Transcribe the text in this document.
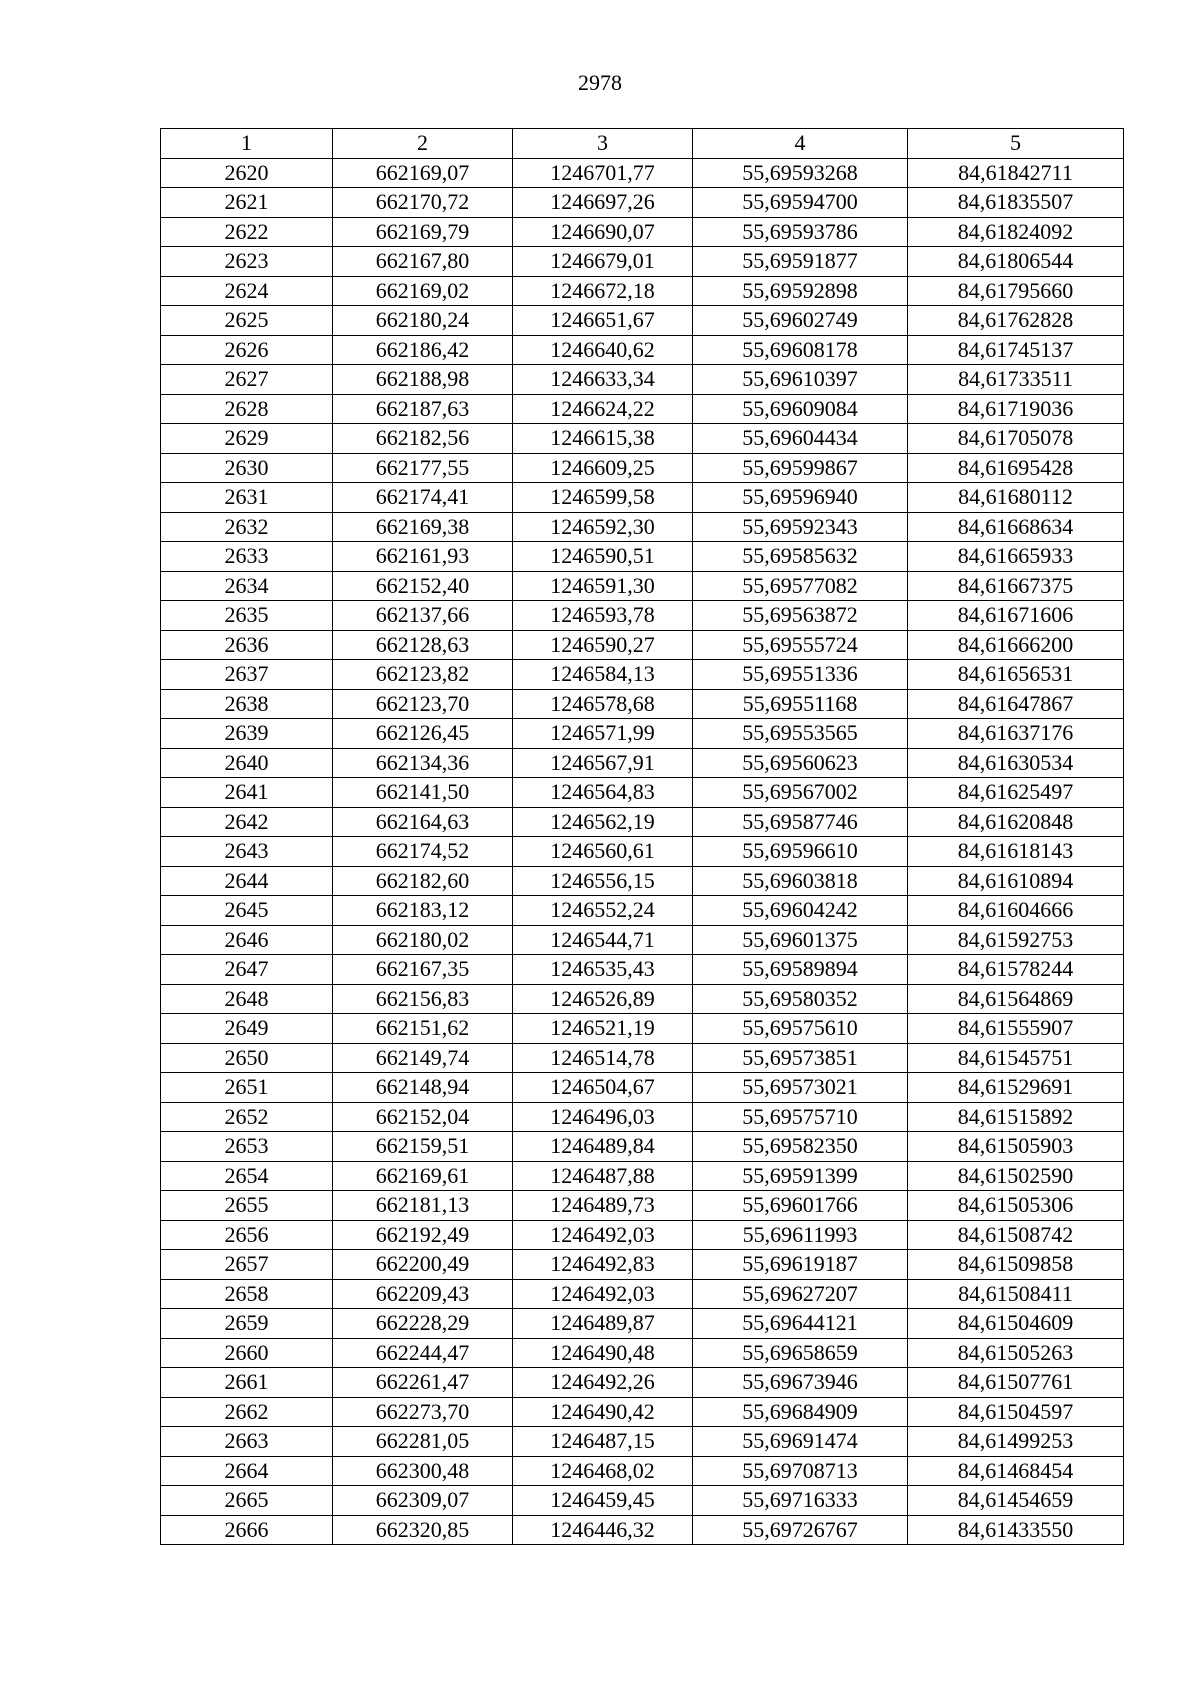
2978
1	2	3	4	5
2620	662169,07	1246701,77	55,69593268	84,61842711
2621	662170,72	1246697,26	55,69594700	84,61835507
2622	662169,79	1246690,07	55,69593786	84,61824092
2623	662167,80	1246679,01	55,69591877	84,61806544
2624	662169,02	1246672,18	55,69592898	84,61795660
2625	662180,24	1246651,67	55,69602749	84,61762828
2626	662186,42	1246640,62	55,69608178	84,61745137
2627	662188,98	1246633,34	55,69610397	84,61733511
2628	662187,63	1246624,22	55,69609084	84,61719036
2629	662182,56	1246615,38	55,69604434	84,61705078
2630	662177,55	1246609,25	55,69599867	84,61695428
2631	662174,41	1246599,58	55,69596940	84,61680112
2632	662169,38	1246592,30	55,69592343	84,61668634
2633	662161,93	1246590,51	55,69585632	84,61665933
2634	662152,40	1246591,30	55,69577082	84,61667375
2635	662137,66	1246593,78	55,69563872	84,61671606
2636	662128,63	1246590,27	55,69555724	84,61666200
2637	662123,82	1246584,13	55,69551336	84,61656531
2638	662123,70	1246578,68	55,69551168	84,61647867
2639	662126,45	1246571,99	55,69553565	84,61637176
2640	662134,36	1246567,91	55,69560623	84,61630534
2641	662141,50	1246564,83	55,69567002	84,61625497
2642	662164,63	1246562,19	55,69587746	84,61620848
2643	662174,52	1246560,61	55,69596610	84,61618143
2644	662182,60	1246556,15	55,69603818	84,61610894
2645	662183,12	1246552,24	55,69604242	84,61604666
2646	662180,02	1246544,71	55,69601375	84,61592753
2647	662167,35	1246535,43	55,69589894	84,61578244
2648	662156,83	1246526,89	55,69580352	84,61564869
2649	662151,62	1246521,19	55,69575610	84,61555907
2650	662149,74	1246514,78	55,69573851	84,61545751
2651	662148,94	1246504,67	55,69573021	84,61529691
2652	662152,04	1246496,03	55,69575710	84,61515892
2653	662159,51	1246489,84	55,69582350	84,61505903
2654	662169,61	1246487,88	55,69591399	84,61502590
2655	662181,13	1246489,73	55,69601766	84,61505306
2656	662192,49	1246492,03	55,69611993	84,61508742
2657	662200,49	1246492,83	55,69619187	84,61509858
2658	662209,43	1246492,03	55,69627207	84,61508411
2659	662228,29	1246489,87	55,69644121	84,61504609
2660	662244,47	1246490,48	55,69658659	84,61505263
2661	662261,47	1246492,26	55,69673946	84,61507761
2662	662273,70	1246490,42	55,69684909	84,61504597
2663	662281,05	1246487,15	55,69691474	84,61499253
2664	662300,48	1246468,02	55,69708713	84,61468454
2665	662309,07	1246459,45	55,69716333	84,61454659
2666	662320,85	1246446,32	55,69726767	84,61433550
